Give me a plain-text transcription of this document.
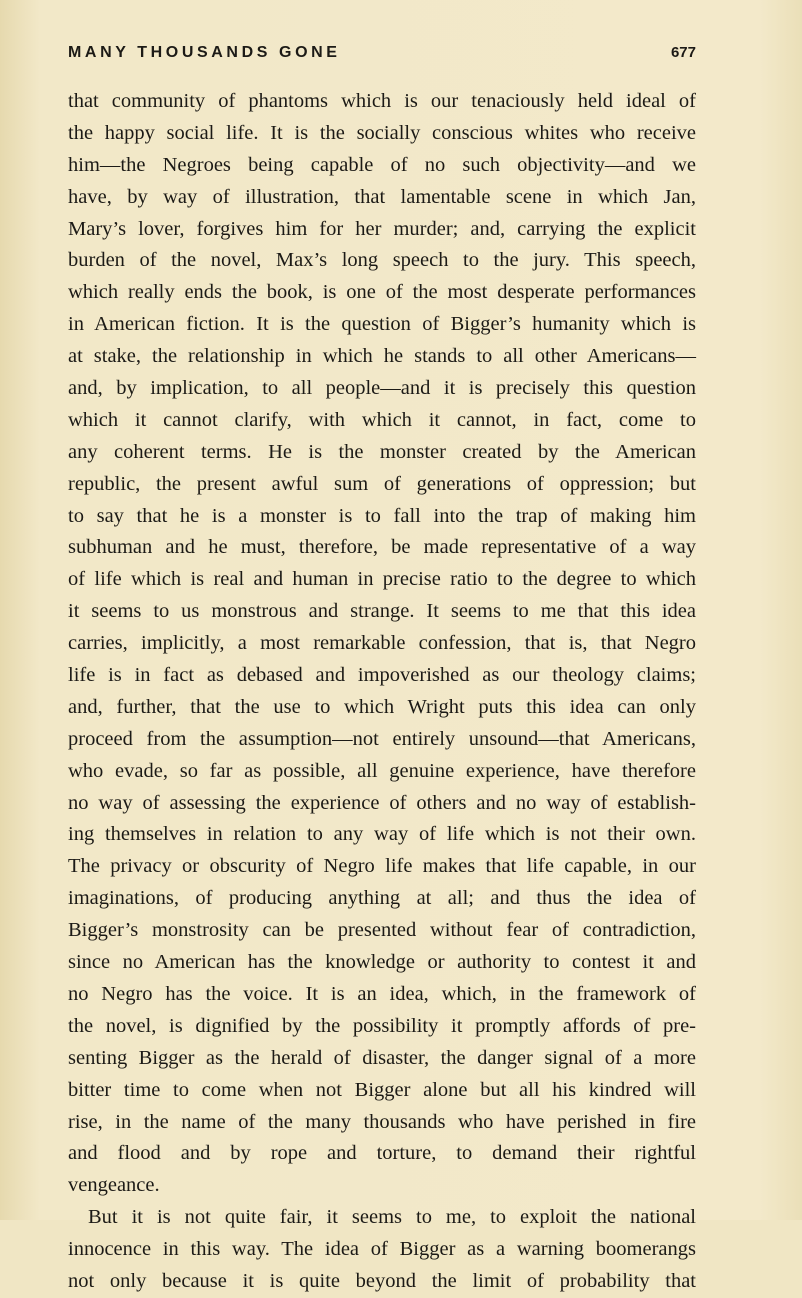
MANY THOUSANDS GONE	677
that community of phantoms which is our tenaciously held ideal of
the happy social life. It is the socially conscious whites who receive
him—the Negroes being capable of no such objectivity—and we
have, by way of illustration, that lamentable scene in which Jan,
Mary’s lover, forgives him for her murder; and, carrying the explicit
burden of the novel, Max’s long speech to the jury. This speech,
which really ends the book, is one of the most desperate performances
in American fiction. It is the question of Bigger’s humanity which is
at stake, the relationship in which he stands to all other Americans—
and, by implication, to all people—and it is precisely this question
which it cannot clarify, with which it cannot, in fact, come to
any coherent terms. He is the monster created by the American
republic, the present awful sum of generations of oppression; but
to say that he is a monster is to fall into the trap of making him
subhuman and he must, therefore, be made representative of a way
of life which is real and human in precise ratio to the degree to which
it seems to us monstrous and strange. It seems to me that this idea
carries, implicitly, a most remarkable confession, that is, that Negro
life is in fact as debased and impoverished as our theology claims;
and, further, that the use to which Wright puts this idea can only
proceed from the assumption—not entirely unsound—that Americans,
who evade, so far as possible, all genuine experience, have therefore
no way of assessing the experience of others and no way of establish-
ing themselves in relation to any way of life which is not their own.
The privacy or obscurity of Negro life makes that life capable, in our
imaginations, of producing anything at all; and thus the idea of
Bigger’s monstrosity can be presented without fear of contradiction,
since no American has the knowledge or authority to contest it and
no Negro has the voice. It is an idea, which, in the framework of
the novel, is dignified by the possibility it promptly affords of pre-
senting Bigger as the herald of disaster, the danger signal of a more
bitter time to come when not Bigger alone but all his kindred will
rise, in the name of the many thousands who have perished in fire
and flood and by rope and torture, to demand their rightful
vengeance.
But it is not quite fair, it seems to me, to exploit the national
innocence in this way. The idea of Bigger as a warning boomerangs
not only because it is quite beyond the limit of probability that
